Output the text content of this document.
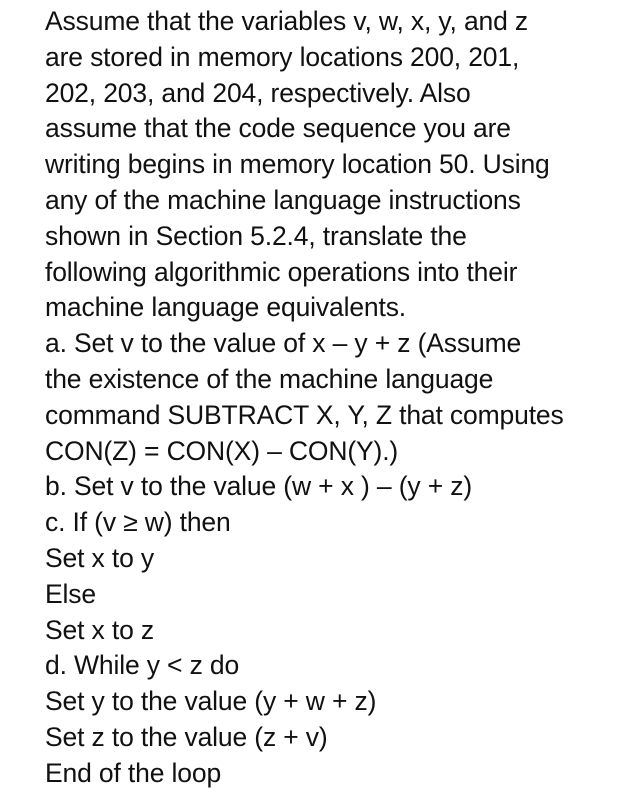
Assume that the variables v, w, x, y, and z
are stored in memory locations 200, 201,
202, 203, and 204, respectively. Also
assume that the code sequence you are
writing begins in memory location 50. Using
any of the machine language instructions
shown in Section 5.2.4, translate the
following algorithmic operations into their
machine language equivalents.
a. Set v to the value of x – y + z (Assume
the existence of the machine language
command SUBTRACT X, Y, Z that computes
CON(Z) = CON(X) – CON(Y).)
b. Set v to the value (w + x ) – (y + z)
c. If (v ≥ w) then
Set x to y
Else
Set x to z
d. While y < z do
Set y to the value (y + w + z)
Set z to the value (z + v)
End of the loop
